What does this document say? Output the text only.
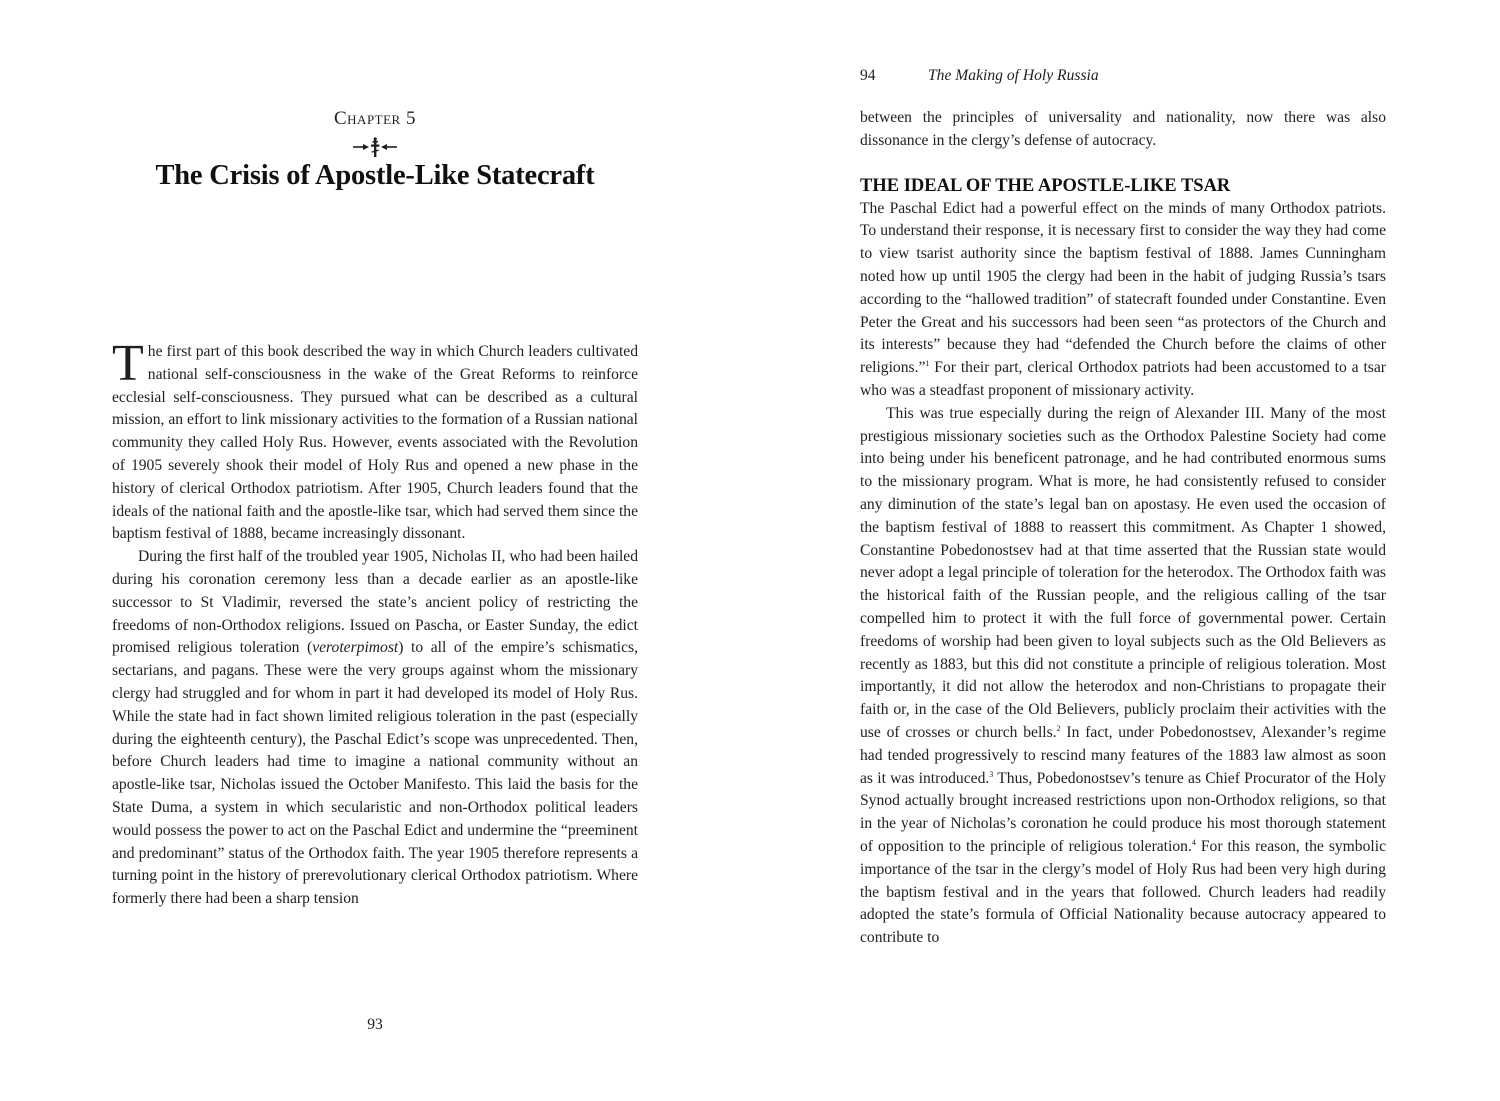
Chapter 5
The Crisis of Apostle-Like Statecraft

The first part of this book described the way in which Church leaders cultivated national self-consciousness in the wake of the Great Reforms to reinforce ecclesial self-consciousness. They pursued what can be described as a cultural mission, an effort to link missionary activities to the formation of a Russian national community they called Holy Rus. However, events associated with the Revolution of 1905 severely shook their model of Holy Rus and opened a new phase in the history of clerical Orthodox patriotism. After 1905, Church leaders found that the ideals of the national faith and the apostle-like tsar, which had served them since the baptism festival of 1888, became increasingly dissonant.

During the first half of the troubled year 1905, Nicholas II, who had been hailed during his coronation ceremony less than a decade earlier as an apostle-like successor to St Vladimir, reversed the state’s ancient policy of restricting the freedoms of non-Orthodox religions. Issued on Pascha, or Easter Sunday, the edict promised religious toleration (veroterpimost) to all of the empire’s schismatics, sectarians, and pagans. These were the very groups against whom the missionary clergy had struggled and for whom in part it had developed its model of Holy Rus. While the state had in fact shown limited religious toleration in the past (especially during the eighteenth century), the Paschal Edict’s scope was unprecedented. Then, before Church leaders had time to imagine a national community without an apostle-like tsar, Nicholas issued the October Manifesto. This laid the basis for the State Duma, a system in which secularistic and non-Orthodox political leaders would possess the power to act on the Paschal Edict and undermine the “preeminent and predominant” status of the Orthodox faith. The year 1905 therefore represents a turning point in the history of prerevolutionary clerical Orthodox patriotism. Where formerly there had been a sharp tension

93
94	The Making of Holy Russia

between the principles of universality and nationality, now there was also dissonance in the clergy’s defense of autocracy.

THE IDEAL OF THE APOSTLE-LIKE TSAR

The Paschal Edict had a powerful effect on the minds of many Orthodox patriots. To understand their response, it is necessary first to consider the way they had come to view tsarist authority since the baptism festival of 1888. James Cunningham noted how up until 1905 the clergy had been in the habit of judging Russia’s tsars according to the “hallowed tradition” of statecraft founded under Constantine. Even Peter the Great and his successors had been seen “as protectors of the Church and its interests” because they had “defended the Church before the claims of other religions.”$^1$ For their part, clerical Orthodox patriots had been accustomed to a tsar who was a steadfast proponent of missionary activity.

This was true especially during the reign of Alexander III. Many of the most prestigious missionary societies such as the Orthodox Palestine Society had come into being under his beneficent patronage, and he had contributed enormous sums to the missionary program. What is more, he had consistently refused to consider any diminution of the state’s legal ban on apostasy. He even used the occasion of the baptism festival of 1888 to reassert this commitment. As Chapter 1 showed, Constantine Pobedonostsev had at that time asserted that the Russian state would never adopt a legal principle of toleration for the heterodox. The Orthodox faith was the historical faith of the Russian people, and the religious calling of the tsar compelled him to protect it with the full force of governmental power. Certain freedoms of worship had been given to loyal subjects such as the Old Believers as recently as 1883, but this did not constitute a principle of religious toleration. Most importantly, it did not allow the heterodox and non-Christians to propagate their faith or, in the case of the Old Believers, publicly proclaim their activities with the use of crosses or church bells.$^2$ In fact, under Pobedonostsev, Alexander’s regime had tended progressively to rescind many features of the 1883 law almost as soon as it was introduced.$^3$ Thus, Pobedonostsev’s tenure as Chief Procurator of the Holy Synod actually brought increased restrictions upon non-Orthodox religions, so that in the year of Nicholas’s coronation he could produce his most thorough statement of opposition to the principle of religious toleration.$^4$ For this reason, the symbolic importance of the tsar in the clergy’s model of Holy Rus had been very high during the baptism festival and in the years that followed. Church leaders had readily adopted the state’s formula of Official Nationality because autocracy appeared to contribute to
